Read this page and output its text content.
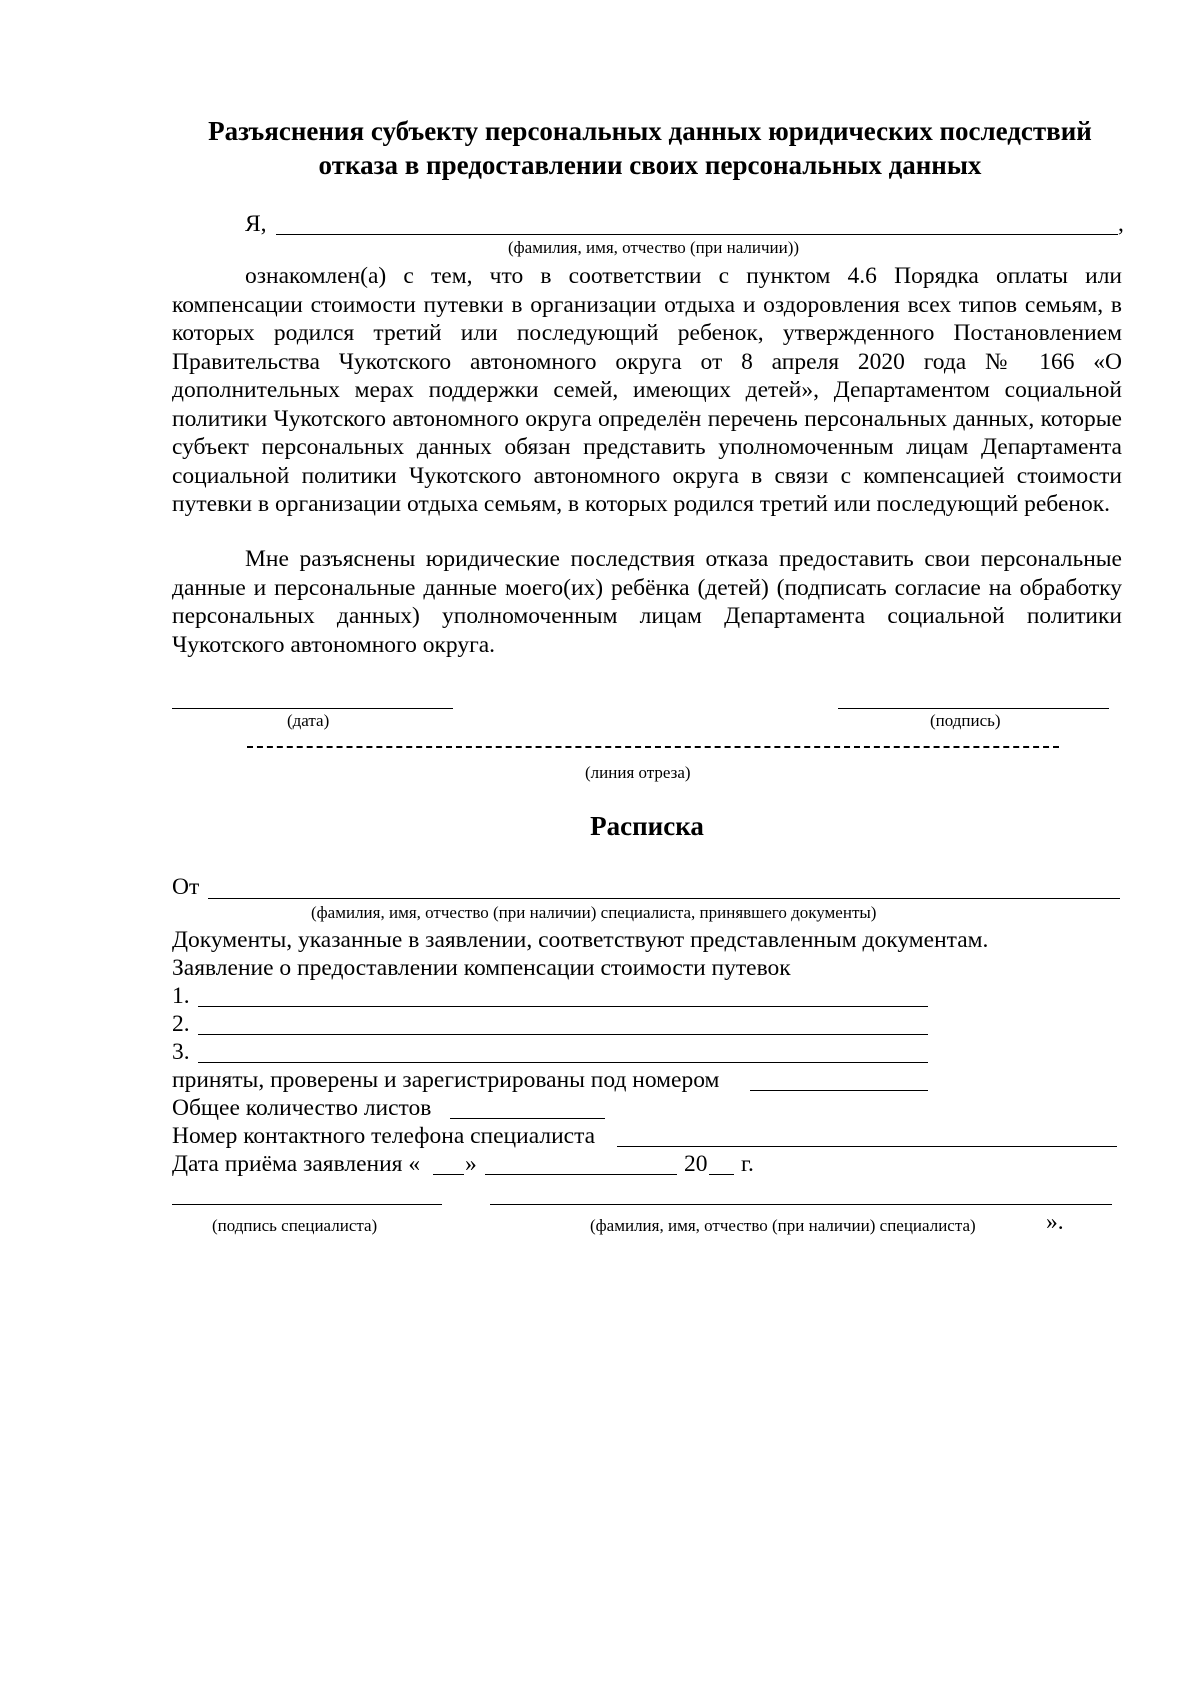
Разъяснения субъекту персональных данных юридических последствий
отказа в предоставлении своих персональных данных
Я,	,
(фамилия, имя, отчество (при наличии))

ознакомлен(а) с тем, что в соответствии с пунктом 4.6 Порядка оплаты или компенсации стоимости путевки в организации отдыха и оздоровления всех типов семьям, в которых родился третий или последующий ребенок, утвержденного Постановлением Правительства Чукотского автономного округа от 8 апреля 2020 года № 166 «О дополнительных мерах поддержки семей, имеющих детей», Департаментом социальной политики Чукотского автономного округа определён перечень персональных данных, которые субъект персональных данных обязан представить уполномоченным лицам Департамента социальной политики Чукотского автономного округа в связи с компенсацией стоимости путевки в организации отдыха семьям, в которых родился третий или последующий ребенок.

Мне разъяснены юридические последствия отказа предоставить свои персональные данные и персональные данные моего(их) ребёнка (детей) (подписать согласие на обработку персональных данных) уполномоченным лицам Департамента социальной политики Чукотского автономного округа.

(дата)	(подпись)
(линия отреза)
Расписка
От
(фамилия, имя, отчество (при наличии) специалиста, принявшего документы)
Документы, указанные в заявлении, соответствуют представленным документам.
Заявление о предоставлении компенсации стоимости путевок
1.
2.
3.
приняты, проверены и зарегистрированы под номером
Общее количество листов
Номер контактного телефона специалиста
Дата приёма заявления « »	20 г.
(подпись специалиста)	(фамилия, имя, отчество (при наличии) специалиста)	».
